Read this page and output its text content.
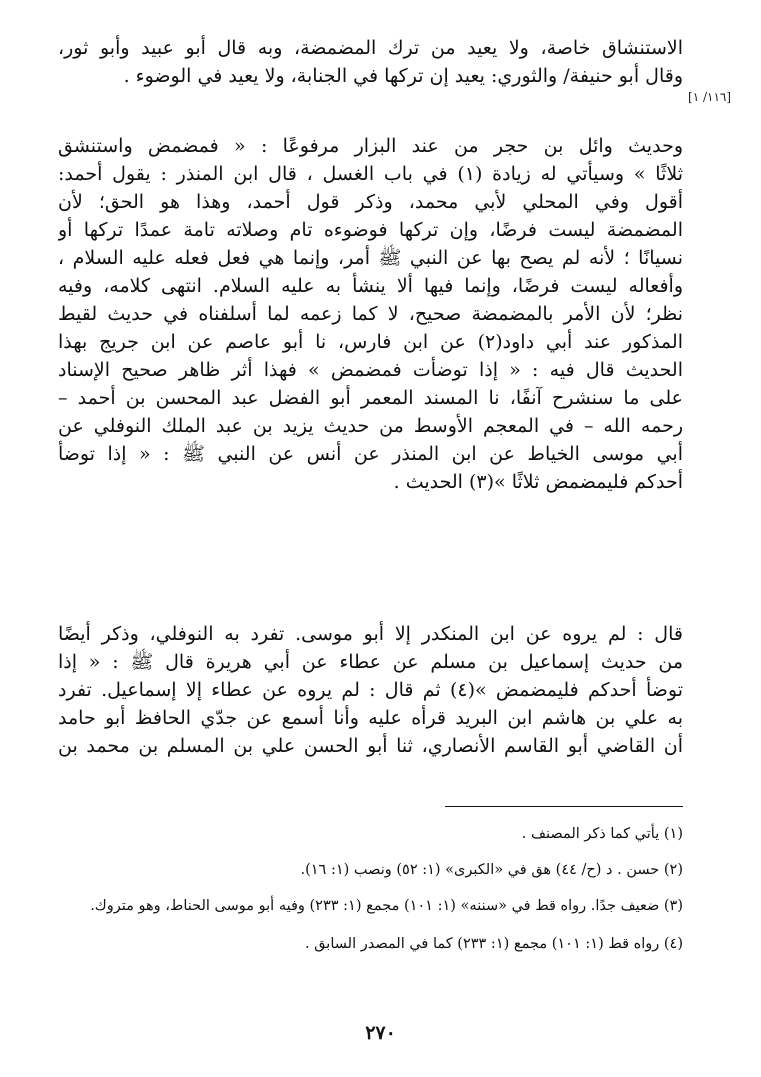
[١١٦/ ١]
الاستنشاق خاصة، ولا يعيد من ترك المضمضة، وبه قال أبو عبيد وأبو ثور،
وقال أبو حنيفة/ والثوري: يعيد إن تركها في الجنابة، ولا يعيد في الوضوء .
وحديث وائل بن حجر من عند البزار مرفوعًا : « فمضمض واستنشق
ثلاثًا » وسيأتي له زيادة (١) في باب الغسل ، قال ابن المنذر : يقول أحمد:
أقول وفي المحلي لأبي محمد، وذكر قول أحمد، وهذا هو الحق؛ لأن
المضمضة ليست فرضًا، وإن تركها فوضوءه تام وصلاته تامة عمدًا تركها أو
نسيانًا ؛ لأنه لم يصح بها عن النبي ﷺ أمر، وإنما هي فعل فعله عليه السلام ،
وأفعاله ليست فرضًا، وإنما فيها ألا ينشأ به عليه السلام. انتهى كلامه، وفيه
نظر؛ لأن الأمر بالمضمضة صحيح، لا كما زعمه لما أسلفناه في حديث لقيط
المذكور عند أبي داود(٢) عن ابن فارس، نا أبو عاصم عن ابن جريج بهذا
الحديث قال فيه : « إذا توضأت فمضمض » فهذا أثر ظاهر صحيح الإسناد
على ما سنشرح آنفًا، نا المسند المعمر أبو الفضل عبد المحسن بن أحمد –
رحمه الله – في المعجم الأوسط من حديث يزيد بن عبد الملك النوفلي عن
أبي موسى الخياط عن ابن المنذر عن أنس عن النبي ﷺ : « إذا توضأ
أحدكم فليمضمض ثلاثًا »(٣) الحديث .
قال : لم يروه عن ابن المنكدر إلا أبو موسى. تفرد به النوفلي، وذكر أيضًا
من حديث إسماعيل بن مسلم عن عطاء عن أبي هريرة قال ﷺ : « إذا
توضأ أحدكم فليمضمض »(٤) ثم قال : لم يروه عن عطاء إلا إسماعيل. تفرد
به علي بن هاشم ابن البريد قرأه عليه وأنا أسمع عن جدّي الحافظ أبو حامد
أن القاضي أبو القاسم الأنصاري، ثنا أبو الحسن علي بن المسلم بن محمد بن
(١) يأتي كما ذكر المصنف .
(٢) حسن . د (ح/ ٤٤) هق في «الكبرى» (١: ٥٢) ونصب (١: ١٦).
(٣) ضعيف جدًا. رواه قط في «سننه» (١: ١٠١) مجمع (١: ٢٣٣) وفيه أبو موسى الحناط، وهو متروك.
(٤) رواه قط (١: ١٠١) مجمع (١: ٢٣٣) كما في المصدر السابق .
٢٧٠
